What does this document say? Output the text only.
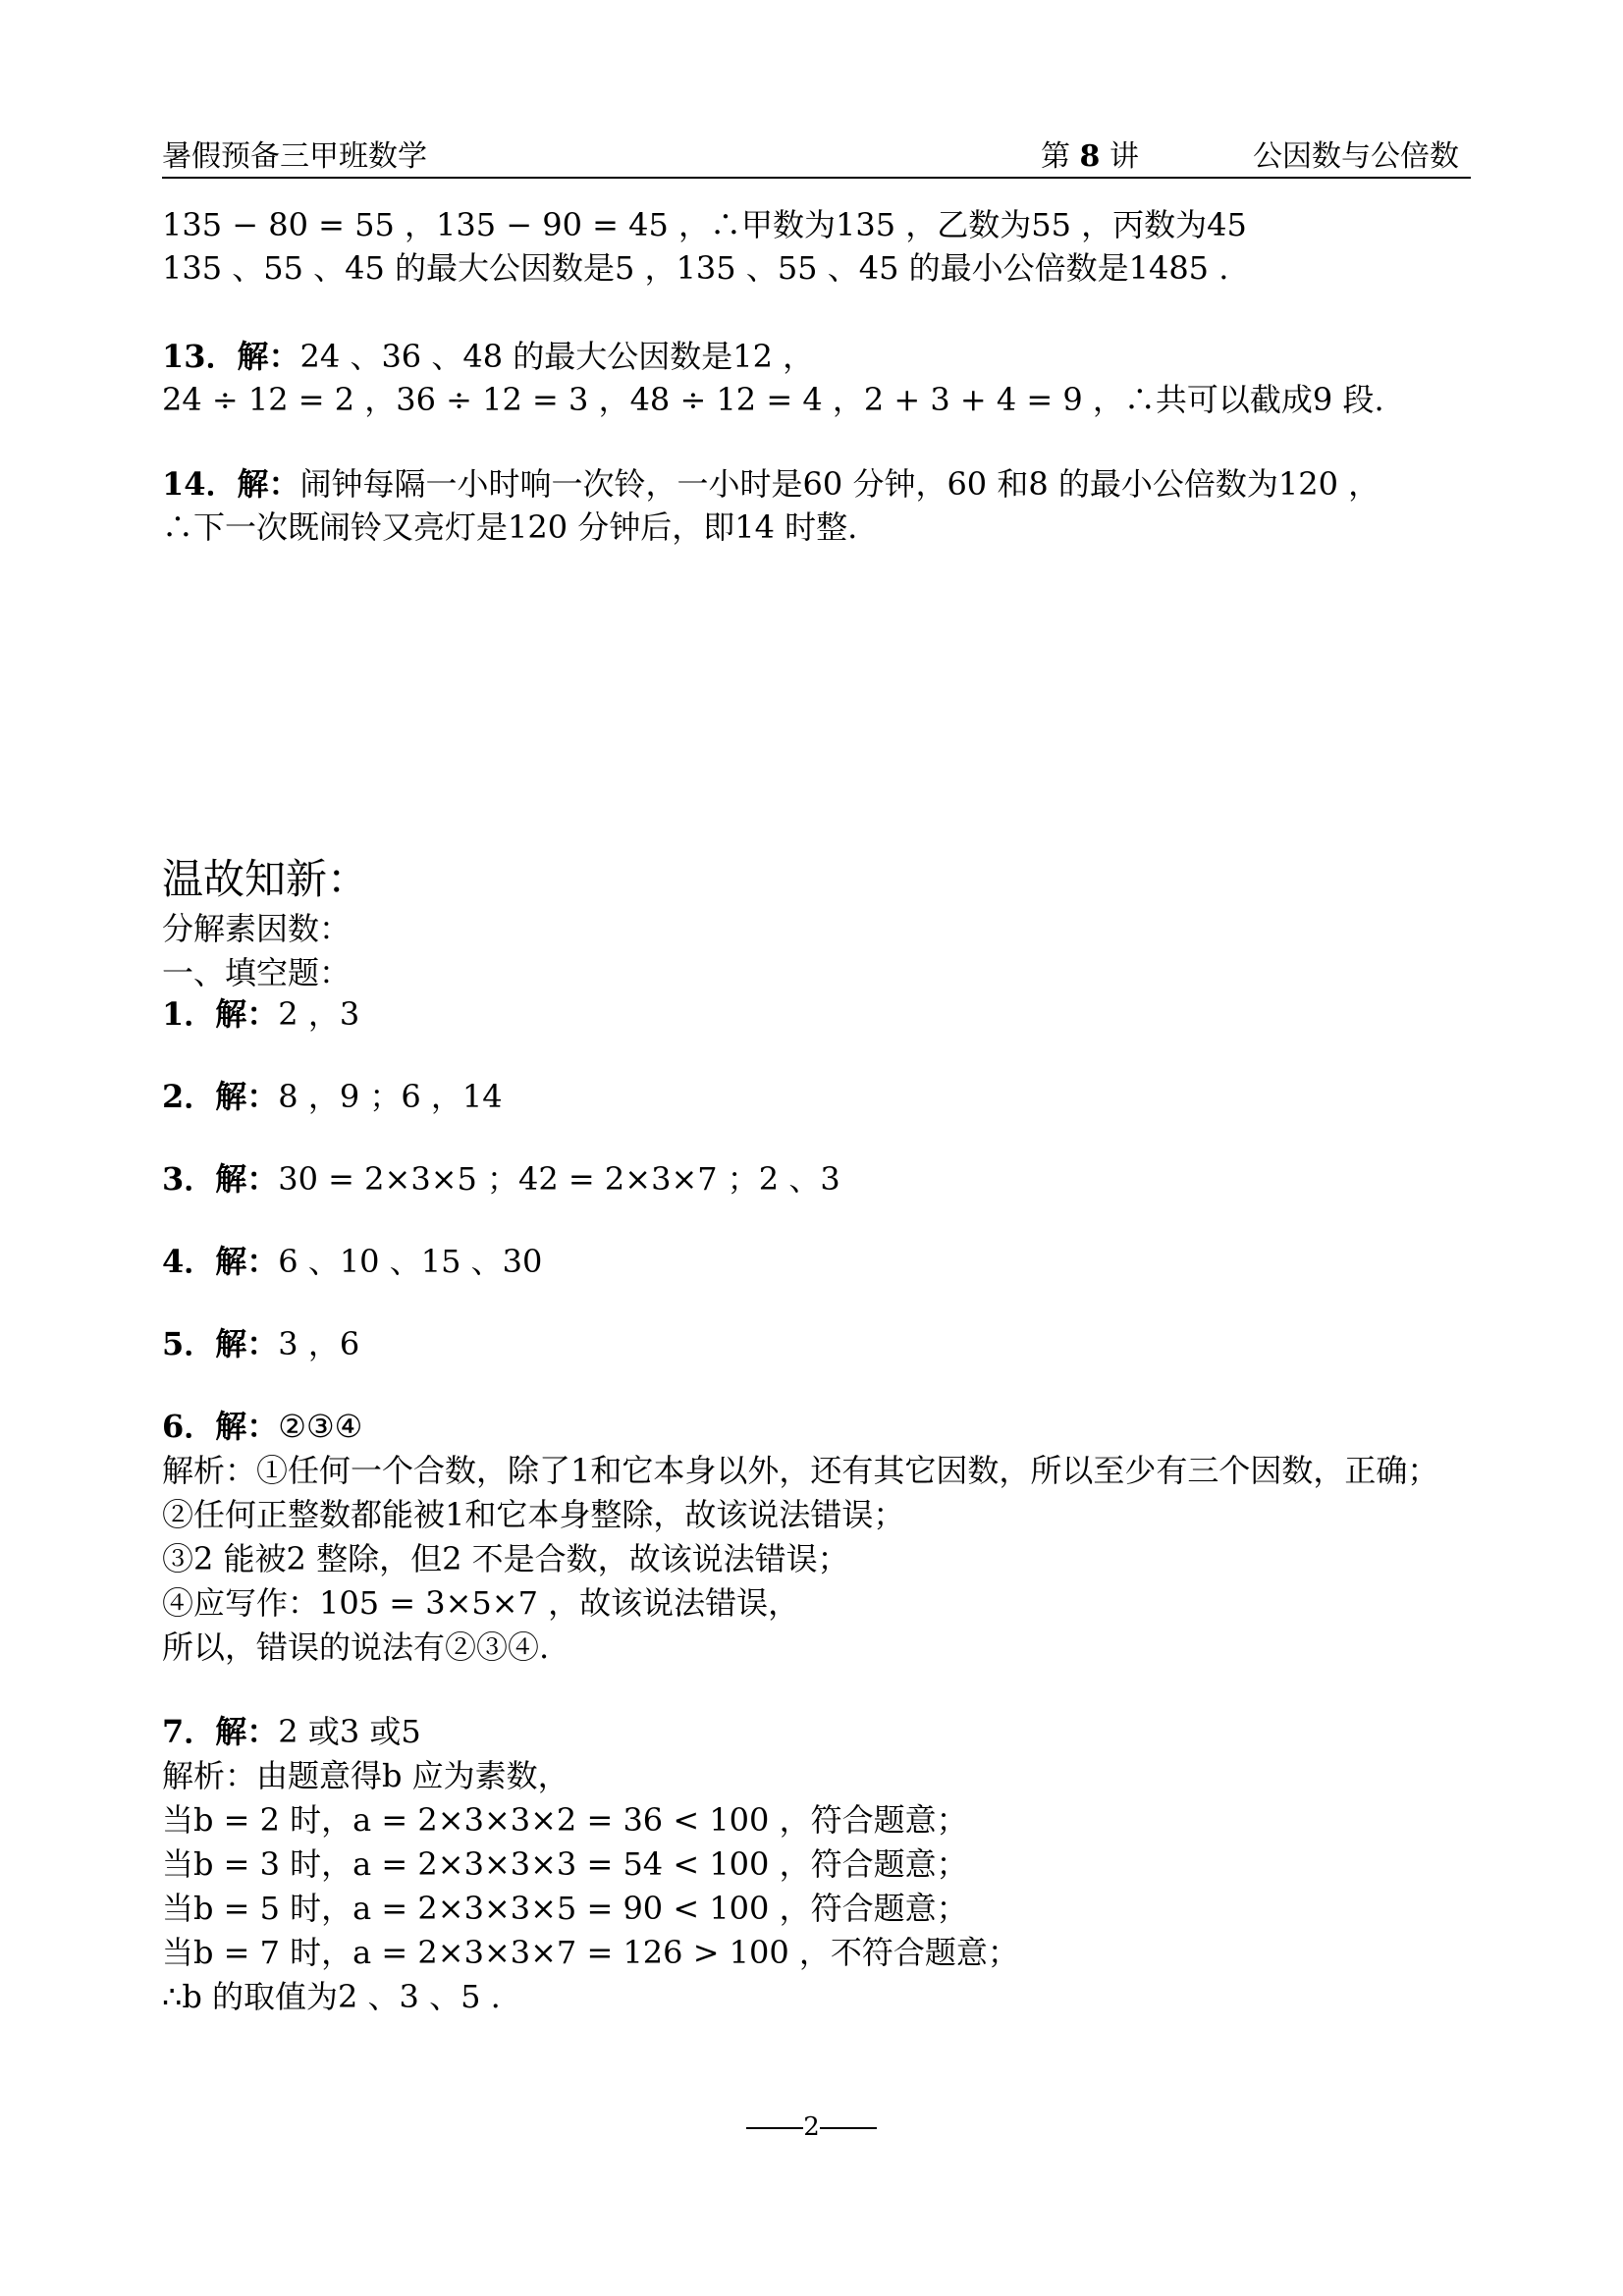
暑假预备三甲班数学	第 8 讲	公因数与公倍数
135 − 80 = 55 ，135 − 90 = 45 ，∴甲数为135 ，乙数为55 ，丙数为45
135 、55 、45 的最大公因数是5 ，135 、55 、45 的最小公倍数是1485 .
13．解：24 、36 、48 的最大公因数是12 ，
24 ÷ 12 = 2 ，36 ÷ 12 = 3 ，48 ÷ 12 = 4 ，2 + 3 + 4 = 9 ，∴共可以截成9 段.
14．解：闹钟每隔一小时响一次铃，一小时是60 分钟，60 和8 的最小公倍数为120 ，
∴下一次既闹铃又亮灯是120 分钟后，即14 时整.
温故知新：
分解素因数：
一、填空题：
1．解：2 ，3
2．解：8 ，9 ；6 ，14
3．解：30 = 2×3×5 ；42 = 2×3×7 ；2 、3
4．解：6 、10 、15 、30
5．解：3 ，6
6．解：②③④
解析：①任何一个合数，除了1和它本身以外，还有其它因数，所以至少有三个因数，正确；
②任何正整数都能被1和它本身整除，故该说法错误；
③2 能被2 整除，但2 不是合数，故该说法错误；
④应写作：105 = 3×5×7 ，故该说法错误，
所以，错误的说法有②③④.
7．解：2 或3 或5
解析：由题意得b 应为素数，
当b = 2 时，a = 2×3×3×2 = 36 < 100 ，符合题意；
当b = 3 时，a = 2×3×3×3 = 54 < 100 ，符合题意；
当b = 5 时，a = 2×3×3×5 = 90 < 100 ，符合题意；
当b = 7 时，a = 2×3×3×7 = 126 > 100 ，不符合题意；
∴b 的取值为2 、3 、5 .
2
